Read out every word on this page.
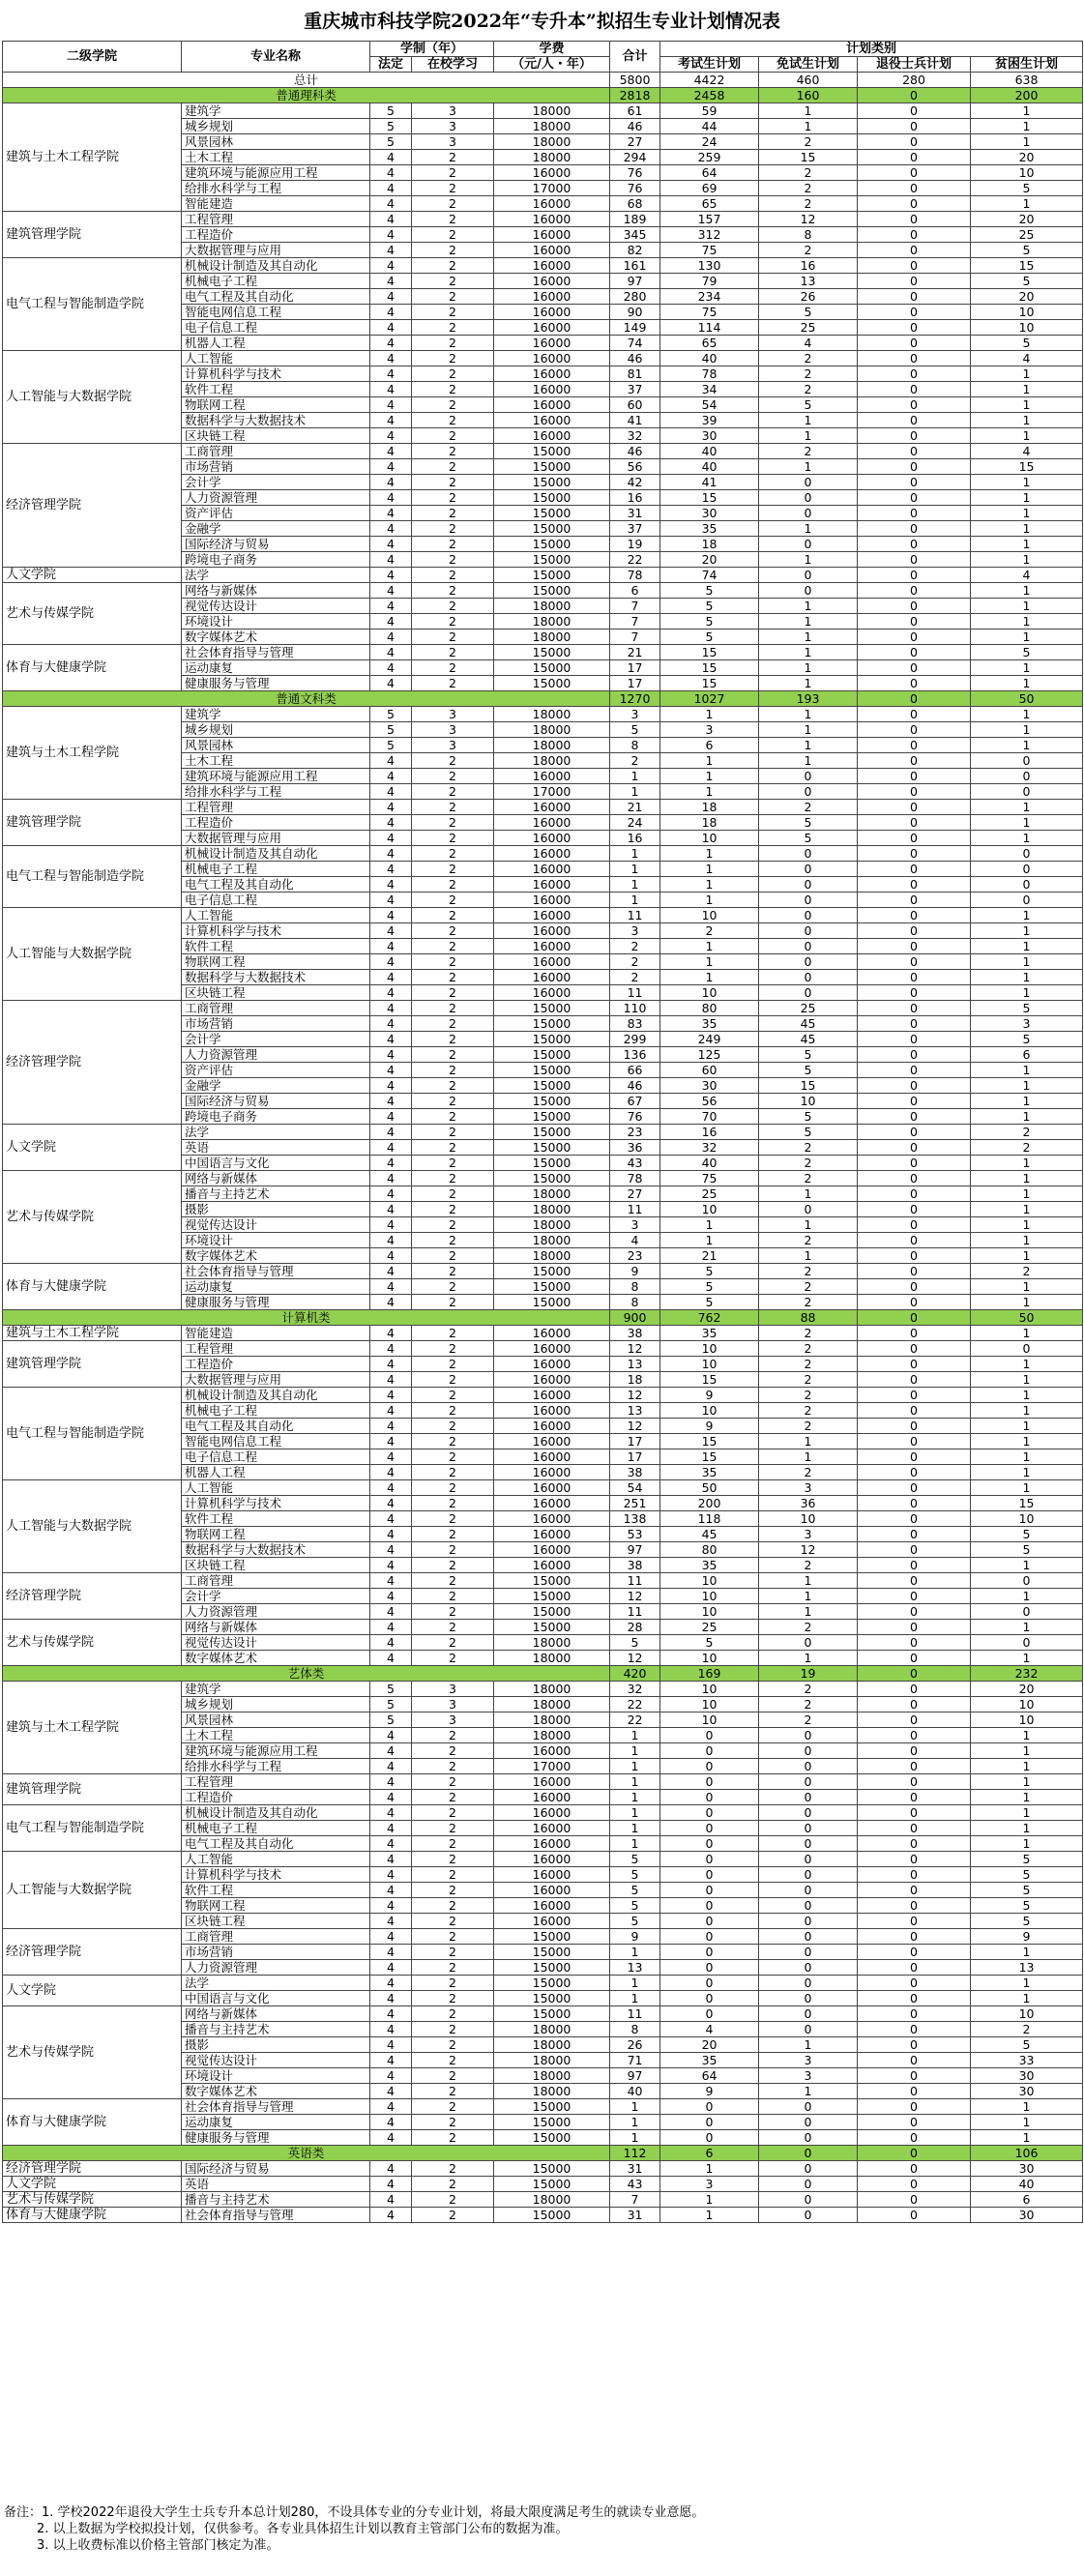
重庆城市科技学院2022年“专升本”拟招生专业计划情况表
二级学院	专业名称	学制（年）		学费	合计	计划类别			
		法定	在校学习	（元/人・年）		考试生计划	免试生计划	退役士兵计划	贫困生计划
总计					5800	4422	460	280	638
普通理科类					2818	2458	160	0	200
建筑与土木工程学院	建筑学	5	3	18000	61	59	1	0	1
	城乡规划	5	3	18000	46	44	1	0	1
	风景园林	5	3	18000	27	24	2	0	1
	土木工程	4	2	18000	294	259	15	0	20
	建筑环境与能源应用工程	4	2	16000	76	64	2	0	10
	给排水科学与工程	4	2	17000	76	69	2	0	5
	智能建造	4	2	16000	68	65	2	0	1
建筑管理学院	工程管理	4	2	16000	189	157	12	0	20
	工程造价	4	2	16000	345	312	8	0	25
	大数据管理与应用	4	2	16000	82	75	2	0	5
电气工程与智能制造学院	机械设计制造及其自动化	4	2	16000	161	130	16	0	15
	机械电子工程	4	2	16000	97	79	13	0	5
	电气工程及其自动化	4	2	16000	280	234	26	0	20
	智能电网信息工程	4	2	16000	90	75	5	0	10
	电子信息工程	4	2	16000	149	114	25	0	10
	机器人工程	4	2	16000	74	65	4	0	5
人工智能与大数据学院	人工智能	4	2	16000	46	40	2	0	4
	计算机科学与技术	4	2	16000	81	78	2	0	1
	软件工程	4	2	16000	37	34	2	0	1
	物联网工程	4	2	16000	60	54	5	0	1
	数据科学与大数据技术	4	2	16000	41	39	1	0	1
	区块链工程	4	2	16000	32	30	1	0	1
经济管理学院	工商管理	4	2	15000	46	40	2	0	4
	市场营销	4	2	15000	56	40	1	0	15
	会计学	4	2	15000	42	41	0	0	1
	人力资源管理	4	2	15000	16	15	0	0	1
	资产评估	4	2	15000	31	30	0	0	1
	金融学	4	2	15000	37	35	1	0	1
	国际经济与贸易	4	2	15000	19	18	0	0	1
	跨境电子商务	4	2	15000	22	20	1	0	1
人文学院	法学	4	2	15000	78	74	0	0	4
艺术与传媒学院	网络与新媒体	4	2	15000	6	5	0	0	1
	视觉传达设计	4	2	18000	7	5	1	0	1
	环境设计	4	2	18000	7	5	1	0	1
	数字媒体艺术	4	2	18000	7	5	1	0	1
体育与大健康学院	社会体育指导与管理	4	2	15000	21	15	1	0	5
	运动康复	4	2	15000	17	15	1	0	1
	健康服务与管理	4	2	15000	17	15	1	0	1
普通文科类					1270	1027	193	0	50
建筑与土木工程学院	建筑学	5	3	18000	3	1	1	0	1
	城乡规划	5	3	18000	5	3	1	0	1
	风景园林	5	3	18000	8	6	1	0	1
	土木工程	4	2	18000	2	1	1	0	0
	建筑环境与能源应用工程	4	2	16000	1	1	0	0	0
	给排水科学与工程	4	2	17000	1	1	0	0	0
建筑管理学院	工程管理	4	2	16000	21	18	2	0	1
	工程造价	4	2	16000	24	18	5	0	1
	大数据管理与应用	4	2	16000	16	10	5	0	1
电气工程与智能制造学院	机械设计制造及其自动化	4	2	16000	1	1	0	0	0
	机械电子工程	4	2	16000	1	1	0	0	0
	电气工程及其自动化	4	2	16000	1	1	0	0	0
	电子信息工程	4	2	16000	1	1	0	0	0
人工智能与大数据学院	人工智能	4	2	16000	11	10	0	0	1
	计算机科学与技术	4	2	16000	3	2	0	0	1
	软件工程	4	2	16000	2	1	0	0	1
	物联网工程	4	2	16000	2	1	0	0	1
	数据科学与大数据技术	4	2	16000	2	1	0	0	1
	区块链工程	4	2	16000	11	10	0	0	1
经济管理学院	工商管理	4	2	15000	110	80	25	0	5
	市场营销	4	2	15000	83	35	45	0	3
	会计学	4	2	15000	299	249	45	0	5
	人力资源管理	4	2	15000	136	125	5	0	6
	资产评估	4	2	15000	66	60	5	0	1
	金融学	4	2	15000	46	30	15	0	1
	国际经济与贸易	4	2	15000	67	56	10	0	1
	跨境电子商务	4	2	15000	76	70	5	0	1
人文学院	法学	4	2	15000	23	16	5	0	2
	英语	4	2	15000	36	32	2	0	2
	中国语言与文化	4	2	15000	43	40	2	0	1
艺术与传媒学院	网络与新媒体	4	2	15000	78	75	2	0	1
	播音与主持艺术	4	2	18000	27	25	1	0	1
	摄影	4	2	18000	11	10	0	0	1
	视觉传达设计	4	2	18000	3	1	1	0	1
	环境设计	4	2	18000	4	1	2	0	1
	数字媒体艺术	4	2	18000	23	21	1	0	1
体育与大健康学院	社会体育指导与管理	4	2	15000	9	5	2	0	2
	运动康复	4	2	15000	8	5	2	0	1
	健康服务与管理	4	2	15000	8	5	2	0	1
计算机类					900	762	88	0	50
建筑与土木工程学院	智能建造	4	2	16000	38	35	2	0	1
建筑管理学院	工程管理	4	2	16000	12	10	2	0	0
	工程造价	4	2	16000	13	10	2	0	1
	大数据管理与应用	4	2	16000	18	15	2	0	1
电气工程与智能制造学院	机械设计制造及其自动化	4	2	16000	12	9	2	0	1
	机械电子工程	4	2	16000	13	10	2	0	1
	电气工程及其自动化	4	2	16000	12	9	2	0	1
	智能电网信息工程	4	2	16000	17	15	1	0	1
	电子信息工程	4	2	16000	17	15	1	0	1
	机器人工程	4	2	16000	38	35	2	0	1
人工智能与大数据学院	人工智能	4	2	16000	54	50	3	0	1
	计算机科学与技术	4	2	16000	251	200	36	0	15
	软件工程	4	2	16000	138	118	10	0	10
	物联网工程	4	2	16000	53	45	3	0	5
	数据科学与大数据技术	4	2	16000	97	80	12	0	5
	区块链工程	4	2	16000	38	35	2	0	1
经济管理学院	工商管理	4	2	15000	11	10	1	0	0
	会计学	4	2	15000	12	10	1	0	1
	人力资源管理	4	2	15000	11	10	1	0	0
艺术与传媒学院	网络与新媒体	4	2	15000	28	25	2	0	1
	视觉传达设计	4	2	18000	5	5	0	0	0
	数字媒体艺术	4	2	18000	12	10	1	0	1
艺体类					420	169	19	0	232
建筑与土木工程学院	建筑学	5	3	18000	32	10	2	0	20
	城乡规划	5	3	18000	22	10	2	0	10
	风景园林	5	3	18000	22	10	2	0	10
	土木工程	4	2	18000	1	0	0	0	1
	建筑环境与能源应用工程	4	2	16000	1	0	0	0	1
	给排水科学与工程	4	2	17000	1	0	0	0	1
建筑管理学院	工程管理	4	2	16000	1	0	0	0	1
	工程造价	4	2	16000	1	0	0	0	1
电气工程与智能制造学院	机械设计制造及其自动化	4	2	16000	1	0	0	0	1
	机械电子工程	4	2	16000	1	0	0	0	1
	电气工程及其自动化	4	2	16000	1	0	0	0	1
人工智能与大数据学院	人工智能	4	2	16000	5	0	0	0	5
	计算机科学与技术	4	2	16000	5	0	0	0	5
	软件工程	4	2	16000	5	0	0	0	5
	物联网工程	4	2	16000	5	0	0	0	5
	区块链工程	4	2	16000	5	0	0	0	5
经济管理学院	工商管理	4	2	15000	9	0	0	0	9
	市场营销	4	2	15000	1	0	0	0	1
	人力资源管理	4	2	15000	13	0	0	0	13
人文学院	法学	4	2	15000	1	0	0	0	1
	中国语言与文化	4	2	15000	1	0	0	0	1
艺术与传媒学院	网络与新媒体	4	2	15000	11	0	0	0	10
	播音与主持艺术	4	2	18000	8	4	0	0	2
	摄影	4	2	18000	26	20	1	0	5
	视觉传达设计	4	2	18000	71	35	3	0	33
	环境设计	4	2	18000	97	64	3	0	30
	数字媒体艺术	4	2	18000	40	9	1	0	30
体育与大健康学院	社会体育指导与管理	4	2	15000	1	0	0	0	1
	运动康复	4	2	15000	1	0	0	0	1
	健康服务与管理	4	2	15000	1	0	0	0	1
英语类					112	6	0	0	106
经济管理学院	国际经济与贸易	4	2	15000	31	1	0	0	30
人文学院	英语	4	2	15000	43	3	0	0	40
艺术与传媒学院	播音与主持艺术	4	2	18000	7	1	0	0	6
体育与大健康学院	社会体育指导与管理	4	2	15000	31	1	0	0	30
备注：1. 学校2022年退役大学生士兵专升本总计划280，不设具体专业的分专业计划，将最大限度满足考生的就读专业意愿。
2. 以上数据为学校拟投计划，仅供参考。各专业具体招生计划以教育主管部门公布的数据为准。
3. 以上收费标准以价格主管部门核定为准。
